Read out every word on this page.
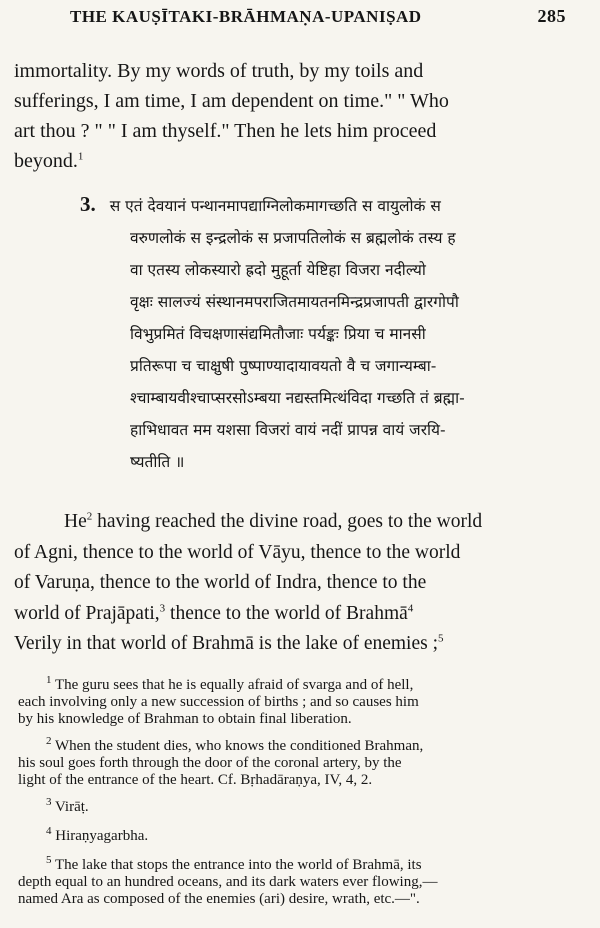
THE KAUṢĪTAKI-BRĀHMAṆA-UPANIṢAD	285

immortality. By my words of truth, by my toils and
sufferings, I am time, I am dependent on time." " Who
art thou ? " " I am thyself." Then he lets him proceed
beyond.$^1$

3. स एतं देवयानं पन्थानमापद्याग्निलोकमागच्छति स वायुलोकं स
वरुणलोकं स इन्द्रलोकं स प्रजापतिलोकं स ब्रह्मलोकं तस्य ह
वा एतस्य लोकस्यारो ह्रदो मुहूर्ता येष्टिहा विजरा नदील्यो
वृक्षः सालज्यं संस्थानमपराजितमायतनमिन्द्रप्रजापती द्वारगोपौ
विभुप्रमितं विचक्षणासंद्यमितौजाः पर्यङ्कः प्रिया च मानसी
प्रतिरूपा च चाक्षुषी पुष्पाण्यादायावयतो वै च जगान्यम्बा-
श्चाम्बायवीश्चाप्सरसोऽम्बया नद्यस्तमित्थंविदा गच्छति तं ब्रह्मा-
हाभिधावत मम यशसा विजरां वायं नदीं प्रापन्न वायं जरयि-
ष्यतीति ॥

He$^2$ having reached the divine road, goes to the world
of Agni, thence to the world of Vāyu, thence to the world
of Varuṇa, thence to the world of Indra, thence to the
world of Prajāpati,$^3$ thence to the world of Brahmā$^4$
Verily in that world of Brahmā is the lake of enemies ;$^5$

$^1$ The guru sees that he is equally afraid of svarga and of hell,
each involving only a new succession of births ; and so causes him
by his knowledge of Brahman to obtain final liberation.
$^2$ When the student dies, who knows the conditioned Brahman,
his soul goes forth through the door of the coronal artery, by the
light of the entrance of the heart. Cf. Bṛhadāraṇya, IV, 4, 2.
$^3$ Virāṭ.
$^4$ Hiraṇyagarbha.
$^5$ The lake that stops the entrance into the world of Brahmā, its
depth equal to an hundred oceans, and its dark waters ever flowing,—
named Ara as composed of the enemies (ari) desire, wrath, etc.—".
